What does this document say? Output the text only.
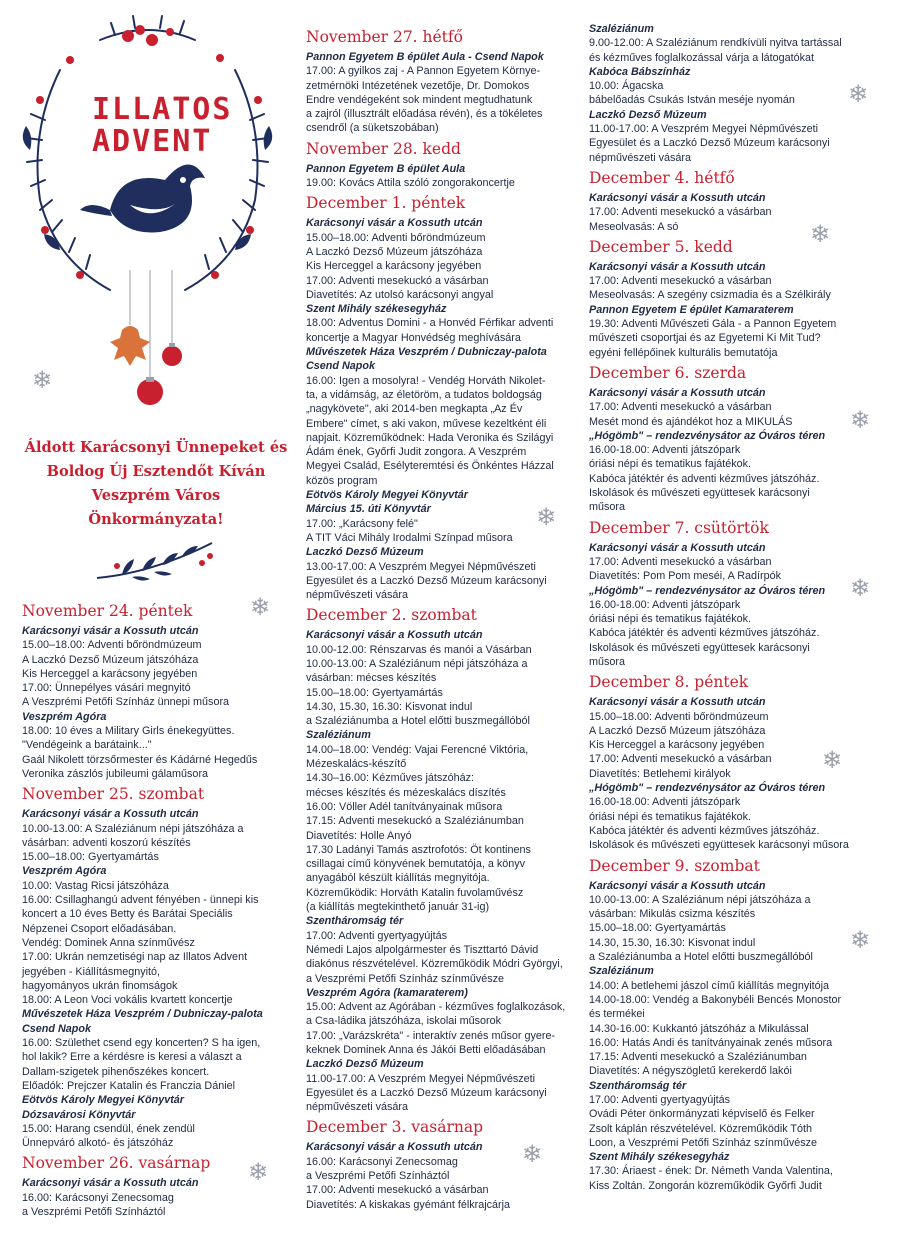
ILLATOS
ADVENT
❄
Áldott Karácsonyi Ünnepeket és
Boldog Új Esztendőt Kíván
Veszprém Város Önkormányzata!
November 24. péntek
Karácsonyi vásár a Kossuth utcán
15.00–18.00: Adventi bőröndmúzeum
A Laczkó Dezső Múzeum játszóháza
Kis Herceggel a karácsony jegyében
17.00: Ünnepélyes vásári megnyitó
A Veszprémi Petőfi Színház ünnepi műsora
Veszprém Agóra
18.00: 10 éves a Military Girls énekegyüttes.
"Vendégeink a barátaink..."
Gaál Nikolett törzsőrmester és Kádárné Hegedűs
Veronika zászlós jubileumi gálaműsora
November 25. szombat
Karácsonyi vásár a Kossuth utcán
10.00-13.00: A Szaléziánum népi játszóháza a
vásárban: adventi koszorú készítés
15.00–18.00: Gyertyamártás
Veszprém Agóra
10.00: Vastag Ricsi játszóháza
16.00: Csillaghangú advent fényében - ünnepi kis
koncert a 10 éves Betty és Barátai Speciális
Népzenei Csoport előadásában.
Vendég: Dominek Anna színművész
17.00: Ukrán nemzetiségi nap az Illatos Advent
jegyében - Kiállításmegnyitó,
hagyományos ukrán finomságok
18.00: A Leon Voci vokális kvartett koncertje
Művészetek Háza Veszprém / Dubniczay-palota
Csend Napok
16.00: Születhet csend egy koncerten? S ha igen,
hol lakik? Erre a kérdésre is keresi a választ a
Dallam-szigetek pihenőszékes koncert.
Előadók: Prejczer Katalin és Franczia Dániel
Eötvös Károly Megyei Könyvtár
Dózsavárosi Könyvtár
15.00: Harang csendül, ének zendül
Ünnepváró alkotó- és játszóház
November 26. vasárnap
Karácsonyi vásár a Kossuth utcán
16.00: Karácsonyi Zenecsomag
a Veszprémi Petőfi Színháztól
❄
❄
November 27. hétfő
Pannon Egyetem B épület Aula - Csend Napok
17.00: A gyilkos zaj - A Pannon Egyetem Környe-
zetmérnöki Intézetének vezetője, Dr. Domokos
Endre vendégeként sok mindent megtudhatunk
a zajról (illusztrált előadása révén), és a tökéletes
csendről (a süketszobában)
November 28. kedd
Pannon Egyetem B épület Aula
19.00: Kovács Attila szóló zongorakoncertje
December 1. péntek
Karácsonyi vásár a Kossuth utcán
15.00–18.00: Adventi bőröndmúzeum
A Laczkó Dezső Múzeum játszóháza
Kis Herceggel a karácsony jegyében
17.00: Adventi mesekuckó a vásárban
Diavetítés: Az utolsó karácsonyi angyal
Szent Mihály székesegyház
18.00: Adventus Domini - a Honvéd Férfikar adventi
koncertje a Magyar Honvédség meghívására
Művészetek Háza Veszprém / Dubniczay-palota
Csend Napok
16.00: Igen a mosolyra! - Vendég Horváth Nikolet-
ta, a vidámság, az életöröm, a tudatos boldogság
„nagykövete", aki 2014-ben megkapta „Az Év
Embere" címet, s aki vakon, művese kezeltként éli
napjait. Közreműködnek: Hada Veronika és Szilágyi
Ádám ének, Győrfi Judit zongora. A Veszprém
Megyei Család, Esélyteremtési és Önkéntes Házzal
közös program
Eötvös Károly Megyei Könyvtár
Március 15. úti Könyvtár
17.00: „Karácsony felé"
A TIT Váci Mihály Irodalmi Színpad műsora
Laczkó Dezső Múzeum
13.00-17.00: A Veszprém Megyei Népművészeti
Egyesület és a Laczkó Dezső Múzeum karácsonyi
népművészeti vására
December 2. szombat
Karácsonyi vásár a Kossuth utcán
10.00-12.00: Rénszarvas és manói a Vásárban
10.00-13.00: A Szaléziánum népi játszóháza a
vásárban: mécses készítés
15.00–18.00: Gyertyamártás
14.30, 15.30, 16.30: Kisvonat indul
a Szaléziánumba a Hotel előtti buszmegállóból
Szaléziánum
14.00–18.00: Vendég: Vajai Ferencné Viktória,
Mézeskalács-készítő
14.30–16.00: Kézműves játszóház:
mécses készítés és mézeskalács díszítés
16.00: Völler Adél tanítványainak műsora
17.15: Adventi mesekuckó a Szaléziánumban
Diavetítés: Holle Anyó
17.30 Ladányi Tamás asztrofotós: Öt kontinens
csillagai című könyvének bemutatója, a könyv
anyagából készült kiállítás megnyitója.
Közreműködik: Horváth Katalin fuvolaművész
(a kiállítás megtekinthető január 31-ig)
Szentháromság tér
17.00: Adventi gyertyagyújtás
Némedi Lajos alpolgármester és Tiszttartó Dávid
diakónus részvételével. Közreműködik Módri Györgyi,
a Veszprémi Petőfi Színház színművésze
Veszprém Agóra (kamaraterem)
15.00: Advent az Agórában - kézműves foglalkozások,
a Csa-ládika játszóháza, iskolai műsorok
17.00: „Varázskréta" - interaktív zenés műsor gyere-
keknek Dominek Anna és Jákói Betti előadásában
Laczkó Dezső Múzeum
11.00-17.00: A Veszprém Megyei Népművészeti
Egyesület és a Laczkó Dezső Múzeum karácsonyi
népművészeti vására
December 3. vasárnap
Karácsonyi vásár a Kossuth utcán
16.00: Karácsonyi Zenecsomag
a Veszprémi Petőfi Színháztól
17.00: Adventi mesekuckó a vásárban
Diavetítés: A kiskakas gyémánt félkrajcárja
❄
❄
Szaléziánum
9.00-12.00: A Szaléziánum rendkívüli nyitva tartással
és kézműves foglalkozással várja a látogatókat
Kabóca Bábszínház
10.00: Ágacska
bábelőadás Csukás István meséje nyomán
Laczkó Dezső Múzeum
11.00-17.00: A Veszprém Megyei Népművészeti
Egyesület és a Laczkó Dezső Múzeum karácsonyi
népművészeti vására
December 4. hétfő
Karácsonyi vásár a Kossuth utcán
17.00: Adventi mesekuckó a vásárban
Meseolvasás: A só
December 5. kedd
Karácsonyi vásár a Kossuth utcán
17.00: Adventi mesekuckó a vásárban
Meseolvasás: A szegény csizmadia és a Szélkirály
Pannon Egyetem E épület Kamaraterem
19.30: Adventi Művészeti Gála - a Pannon Egyetem
művészeti csoportjai és az Egyetemi Ki Mit Tud?
egyéni fellépőinek kulturális bemutatója
December 6. szerda
Karácsonyi vásár a Kossuth utcán
17.00: Adventi mesekuckó a vásárban
Mesét mond és ajándékot hoz a MIKULÁS
„Hógömb" – rendezvénysátor az Óváros téren
16.00-18.00: Adventi játszópark
óriási népi és tematikus fajátékok.
Kabóca játéktér és adventi kézműves játszóház.
Iskolások és művészeti együttesek karácsonyi
műsora
December 7. csütörtök
Karácsonyi vásár a Kossuth utcán
17.00: Adventi mesekuckó a vásárban
Diavetítés: Pom Pom meséi, A Radírpók
„Hógömb" – rendezvénysátor az Óváros téren
16.00-18.00: Adventi játszópark
óriási népi és tematikus fajátékok.
Kabóca játéktér és adventi kézműves játszóház.
Iskolások és művészeti együttesek karácsonyi
műsora
December 8. péntek
Karácsonyi vásár a Kossuth utcán
15.00–18.00: Adventi bőröndmúzeum
A Laczkó Dezső Múzeum játszóháza
Kis Herceggel a karácsony jegyében
17.00: Adventi mesekuckó a vásárban
Diavetítés: Betlehemi királyok
„Hógömb" – rendezvénysátor az Óváros téren
16.00-18.00: Adventi játszópark
óriási népi és tematikus fajátékok.
Kabóca játéktér és adventi kézműves játszóház.
Iskolások és művészeti együttesek karácsonyi műsora
December 9. szombat
Karácsonyi vásár a Kossuth utcán
10.00-13.00: A Szaléziánum népi játszóháza a
vásárban: Mikulás csizma készítés
15.00–18.00: Gyertyamártás
14.30, 15.30, 16.30: Kisvonat indul
a Szaléziánumba a Hotel előtti buszmegállóból
Szaléziánum
14.00: A betlehemi jászol című kiállítás megnyitója
14.00-18.00: Vendég a Bakonybéli Bencés Monostor
és termékei
14.30-16.00: Kukkantó játszóház a Mikulással
16.00: Hatás Andi és tanítványainak zenés műsora
17.15: Adventi mesekuckó a Szaléziánumban
Diavetítés: A négyszögletű kerekerdő lakói
Szentháromság tér
17.00: Adventi gyertyagyújtás
Ovádi Péter önkormányzati képviselő és Felker
Zsolt káplán részvételével. Közreműködik Tóth
Loon, a Veszprémi Petőfi Színház színművésze
Szent Mihály székesegyház
17.30: Áriaest - ének: Dr. Németh Vanda Valentina,
Kiss Zoltán. Zongorán közreműködik Győrfi Judit
❄
❄
❄
❄
❄
❄
